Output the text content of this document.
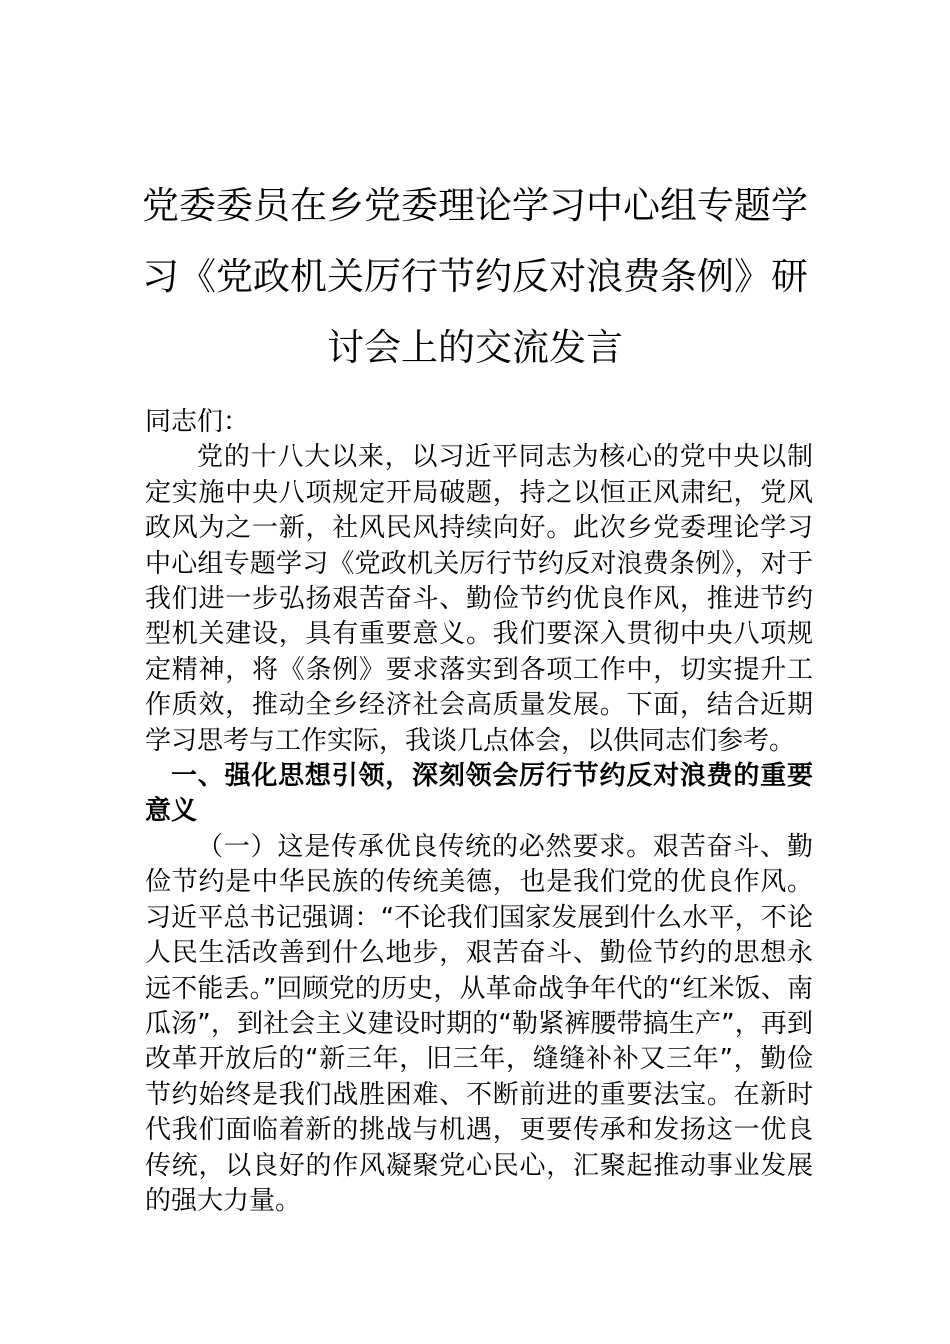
党委委员在乡党委理论学习中心组专题学
习《党政机关厉行节约反对浪费条例》研
讨会上的交流发言

同志们：

党的十八大以来，以习近平同志为核心的党中央以制定实施中央八项规定开局破题，持之以恒正风肃纪，党风政风为之一新，社风民风持续向好。此次乡党委理论学习中心组专题学习《党政机关厉行节约反对浪费条例》，对于我们进一步弘扬艰苦奋斗、勤俭节约优良作风，推进节约型机关建设，具有重要意义。我们要深入贯彻中央八项规定精神，将《条例》要求落实到各项工作中，切实提升工作质效，推动全乡经济社会高质量发展。下面，结合近期学习思考与工作实际，我谈几点体会，以供同志们参考。

一、强化思想引领，深刻领会厉行节约反对浪费的重要意义

（一）这是传承优良传统的必然要求。艰苦奋斗、勤俭节约是中华民族的传统美德，也是我们党的优良作风。习近平总书记强调：“不论我们国家发展到什么水平，不论人民生活改善到什么地步，艰苦奋斗、勤俭节约的思想永远不能丢。”回顾党的历史，从革命战争年代的“红米饭、南瓜汤”，到社会主义建设时期的“勒紧裤腰带搞生产”，再到改革开放后的“新三年，旧三年，缝缝补补又三年”，勤俭节约始终是我们战胜困难、不断前进的重要法宝。在新时代我们面临着新的挑战与机遇，更要传承和发扬这一优良传统，以良好的作风凝聚党心民心，汇聚起推动事业发展的强大力量。
